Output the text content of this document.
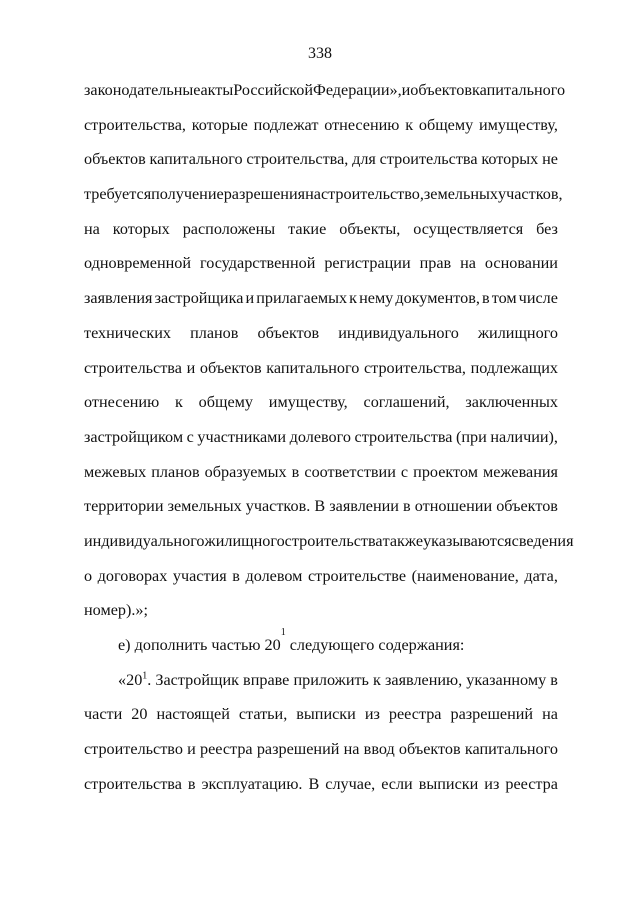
338
законодательные акты Российской Федерации», и объектов капитального
строительства, которые подлежат отнесению к общему имуществу,
объектов капитального строительства, для строительства которых не
требуется получение разрешения на строительство, земельных участков,
на которых расположены такие объекты, осуществляется без
одновременной государственной регистрации прав на основании
заявления застройщика и прилагаемых к нему документов, в том числе
технических планов объектов индивидуального жилищного
строительства и объектов капитального строительства, подлежащих
отнесению к общему имуществу, соглашений, заключенных
застройщиком с участниками долевого строительства (при наличии),
межевых планов образуемых в соответствии с проектом межевания
территории земельных участков. В заявлении в отношении объектов
индивидуального жилищного строительства также указываются сведения
о договорах участия в долевом строительстве (наименование, дата,
номер).»;
е) дополнить частью 20
1
следующего содержания:
«$20^1$. Застройщик вправе приложить к заявлению, указанному в
части 20 настоящей статьи, выписки из реестра разрешений на
строительство и реестра разрешений на ввод объектов капитального
строительства в эксплуатацию. В случае, если выписки из реестра
